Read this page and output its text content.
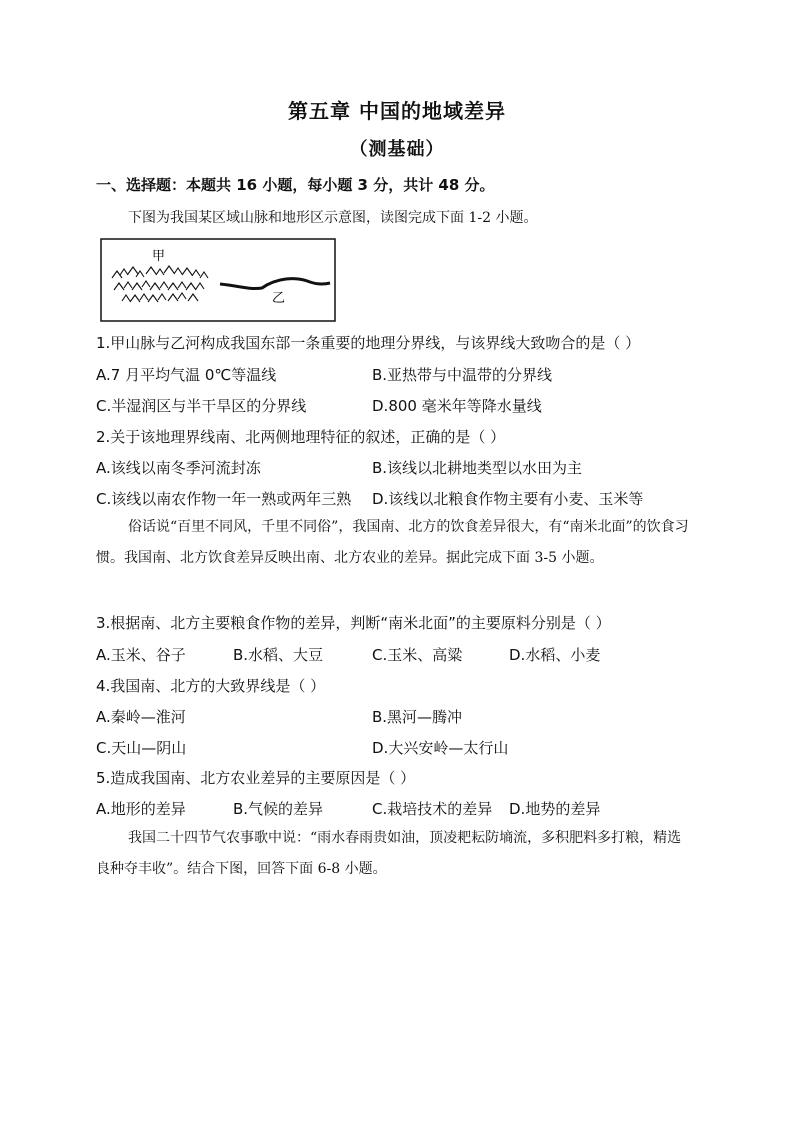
第五章 中国的地域差异
（测基础）
一、选择题：本题共 16 小题，每小题 3 分，共计 48 分。
下图为我国某区域山脉和地形区示意图，读图完成下面 1-2 小题。
甲
乙
1.甲山脉与乙河构成我国东部一条重要的地理分界线，与该界线大致吻合的是（ ）
A.7 月平均气温 0℃等温线	B.亚热带与中温带的分界线
C.半湿润区与半干旱区的分界线	D.800 毫米年等降水量线
2.关于该地理界线南、北两侧地理特征的叙述，正确的是（ ）
A.该线以南冬季河流封冻	B.该线以北耕地类型以水田为主
C.该线以南农作物一年一熟或两年三熟 D.该线以北粮食作物主要有小麦、玉米等
俗话说“百里不同风，千里不同俗”，我国南、北方的饮食差异很大，有“南米北面”的饮食习惯。我国南、北方饮食差异反映出南、北方农业的差异。据此完成下面 3-5 小题。
3.根据南、北方主要粮食作物的差异，判断“南米北面”的主要原料分别是（ ）
A.玉米、谷子	B.水稻、大豆	C.玉米、高粱	D.水稻、小麦
4.我国南、北方的大致界线是（ ）
A.秦岭—淮河	B.黑河—腾冲
C.天山—阴山	D.大兴安岭—太行山
5.造成我国南、北方农业差异的主要原因是（ ）
A.地形的差异	B.气候的差异	C.栽培技术的差异 D.地势的差异
我国二十四节气农事歌中说：“雨水春雨贵如油，顶凌耙耘防墒流，多积肥料多打粮，精选良种夺丰收”。结合下图，回答下面 6-8 小题。
